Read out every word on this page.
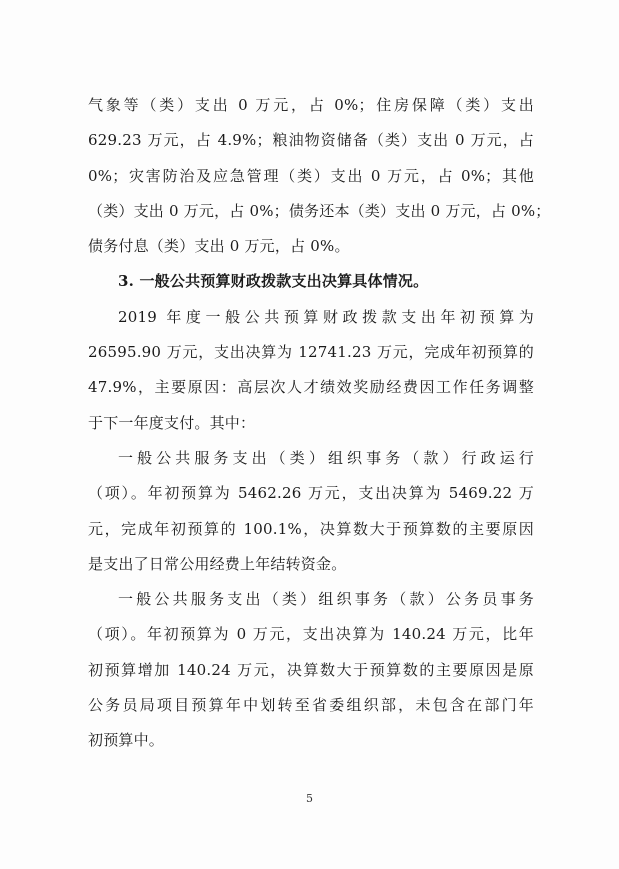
气象等（类）支出 0 万元，占 0%；住房保障（类）支出
629.23 万元，占 4.9%；粮油物资储备（类）支出 0 万元，占
0%；灾害防治及应急管理（类）支出 0 万元，占 0%；其他
（类）支出 0 万元，占 0%；债务还本（类）支出 0 万元，占 0%；
债务付息（类）支出 0 万元，占 0%。
3. 一般公共预算财政拨款支出决算具体情况。
2019 年度一般公共预算财政拨款支出年初预算为
26595.90 万元，支出决算为 12741.23 万元，完成年初预算的
47.9%，主要原因：高层次人才绩效奖励经费因工作任务调整
于下一年度支付。其中：
一般公共服务支出（类）组织事务（款）行政运行
（项）。年初预算为 5462.26 万元，支出决算为 5469.22 万
元，完成年初预算的 100.1%，决算数大于预算数的主要原因
是支出了日常公用经费上年结转资金。
一般公共服务支出（类）组织事务（款）公务员事务
（项）。年初预算为 0 万元，支出决算为 140.24 万元，比年
初预算增加 140.24 万元，决算数大于预算数的主要原因是原
公务员局项目预算年中划转至省委组织部，未包含在部门年
初预算中。
5
